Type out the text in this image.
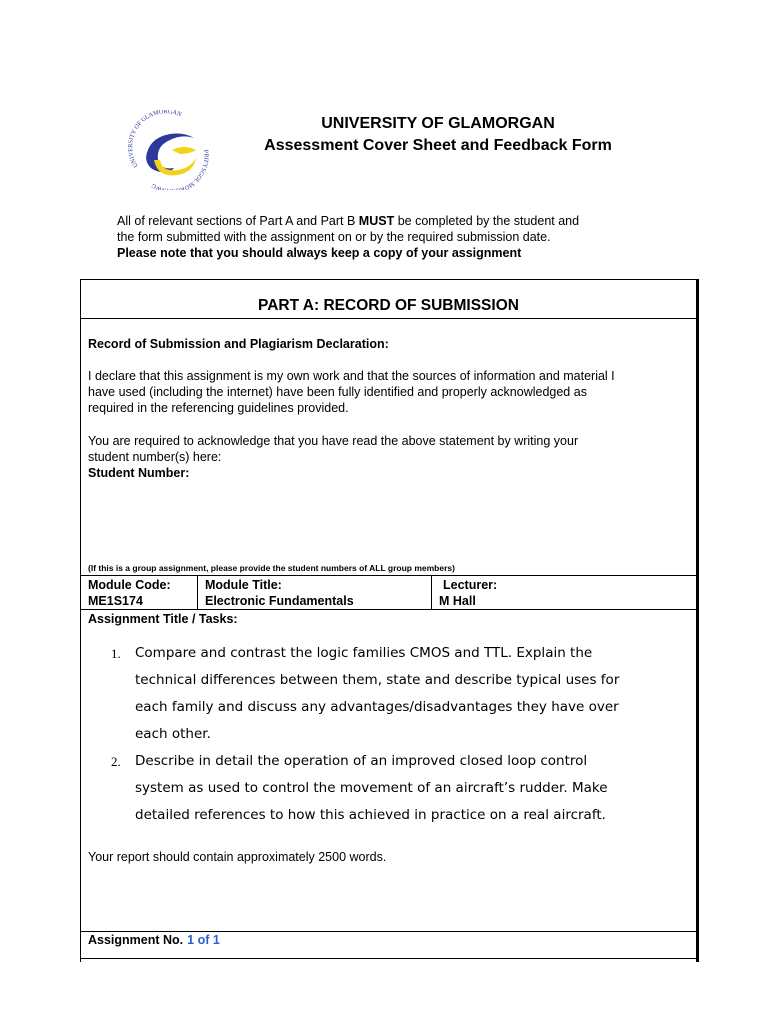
UNIVERSITY OF GLAMORGAN
PRIFYSGOL MORG NWG
UNIVERSITY OF GLAMORGAN
Assessment Cover Sheet and Feedback Form
All of relevant sections of Part A and Part B MUST be completed by the student and
the form submitted with the assignment on or by the required submission date.
Please note that you should always keep a copy of your assignment
PART A: RECORD OF SUBMISSION
Record of Submission and Plagiarism Declaration:
I declare that this assignment is my own work and that the sources of information and material I
have used (including the internet) have been fully identified and properly acknowledged as
required in the referencing guidelines provided.
You are required to acknowledge that you have read the above statement by writing your
student number(s) here:
Student Number:
(If this is a group assignment, please provide the student numbers of ALL group members)
Module Code:
ME1S174
Module Title:
Electronic Fundamentals
Lecturer:
M Hall
Assignment Title / Tasks:
1. Compare and contrast the logic families CMOS and TTL. Explain the
technical differences between them, state and describe typical uses for
each family and discuss any advantages/disadvantages they have over
each other.
2. Describe in detail the operation of an improved closed loop control
system as used to control the movement of an aircraft’s rudder. Make
detailed references to how this achieved in practice on a real aircraft.
Your report should contain approximately 2500 words.
Assignment No. 1 of 1
